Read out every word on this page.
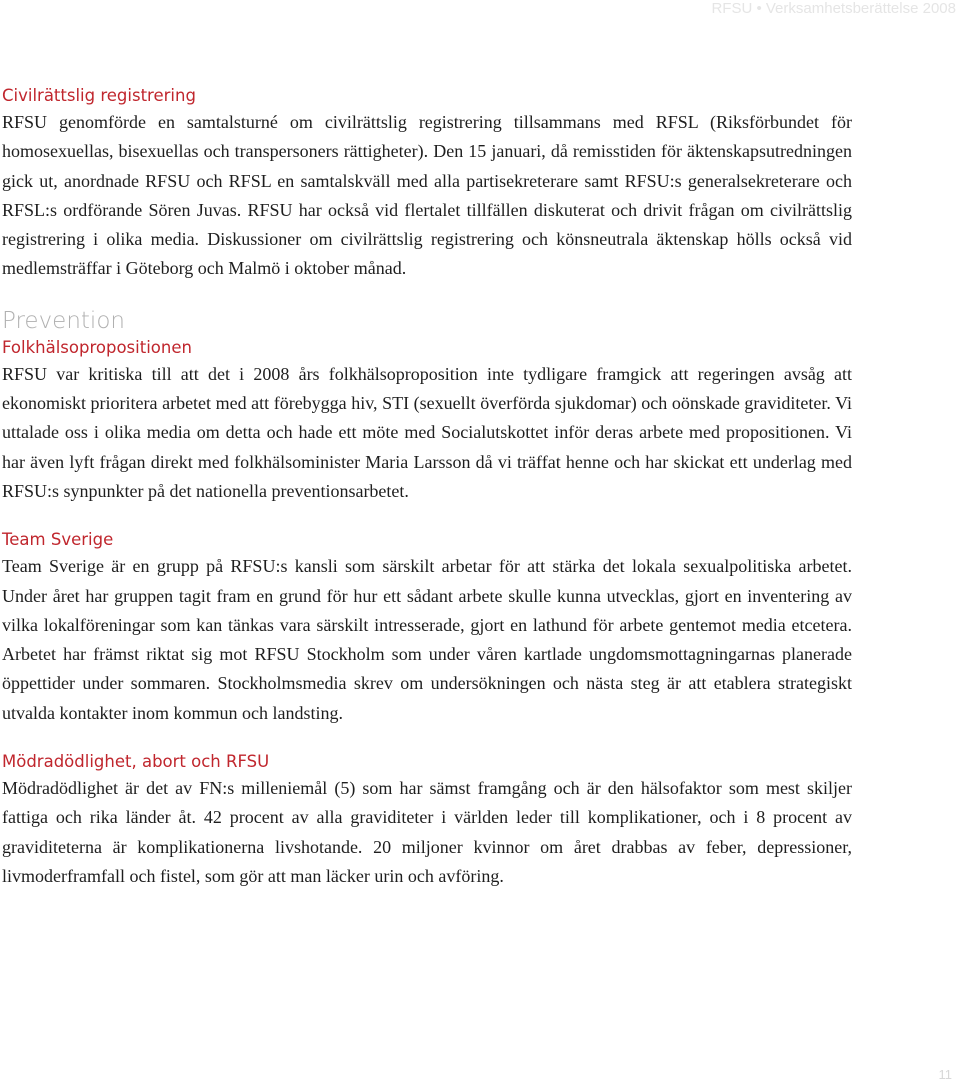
RFSU • Verksamhetsberättelse 2008
Civilrättslig registrering

RFSU genomförde en samtalsturné om civilrättslig registrering tillsammans med RFSL (Riksförbundet för homosexuellas, bisexuellas och transpersoners rättigheter). Den 15 januari, då remisstiden för äktenskapsutredningen gick ut, anordnade RFSU och RFSL en samtalskväll med alla partisekreterare samt RFSU:s generalsekreterare och RFSL:s ordförande Sören Juvas. RFSU har också vid flertalet tillfällen diskuterat och drivit frågan om civilrättslig registrering i olika media. Diskussioner om civilrättslig registrering och könsneutrala äktenskap hölls också vid medlemsträffar i Göteborg och Malmö i oktober månad.

Prevention
Folkhälsopropositionen

RFSU var kritiska till att det i 2008 års folkhälsoproposition inte tydligare framgick att regeringen avsåg att ekonomiskt prioritera arbetet med att förebygga hiv, STI (sexuellt överförda sjukdomar) och oönskade graviditeter. Vi uttalade oss i olika media om detta och hade ett möte med Socialutskottet inför deras arbete med propositionen. Vi har även lyft frågan direkt med folkhälsominister Maria Larsson då vi träffat henne och har skickat ett underlag med RFSU:s synpunkter på det nationella preventionsarbetet.

Team Sverige

Team Sverige är en grupp på RFSU:s kansli som särskilt arbetar för att stärka det lokala sexualpolitiska arbetet. Under året har gruppen tagit fram en grund för hur ett sådant arbete skulle kunna utvecklas, gjort en inventering av vilka lokalföreningar som kan tänkas vara särskilt intresserade, gjort en lathund för arbete gentemot media etcetera. Arbetet har främst riktat sig mot RFSU Stockholm som under våren kartlade ungdomsmottagningarnas planerade öppettider under sommaren. Stockholmsmedia skrev om undersökningen och nästa steg är att etablera strategiskt utvalda kontakter inom kommun och landsting.

Mödradödlighet, abort och RFSU

Mödradödlighet är det av FN:s milleniemål (5) som har sämst framgång och är den hälsofaktor som mest skiljer fattiga och rika länder åt. 42 procent av alla graviditeter i världen leder till komplikationer, och i 8 procent av graviditeterna är komplikationerna livshotande. 20 miljoner kvinnor om året drabbas av feber, depressioner, livmoderframfall och fistel, som gör att man läcker urin och avföring.

11
